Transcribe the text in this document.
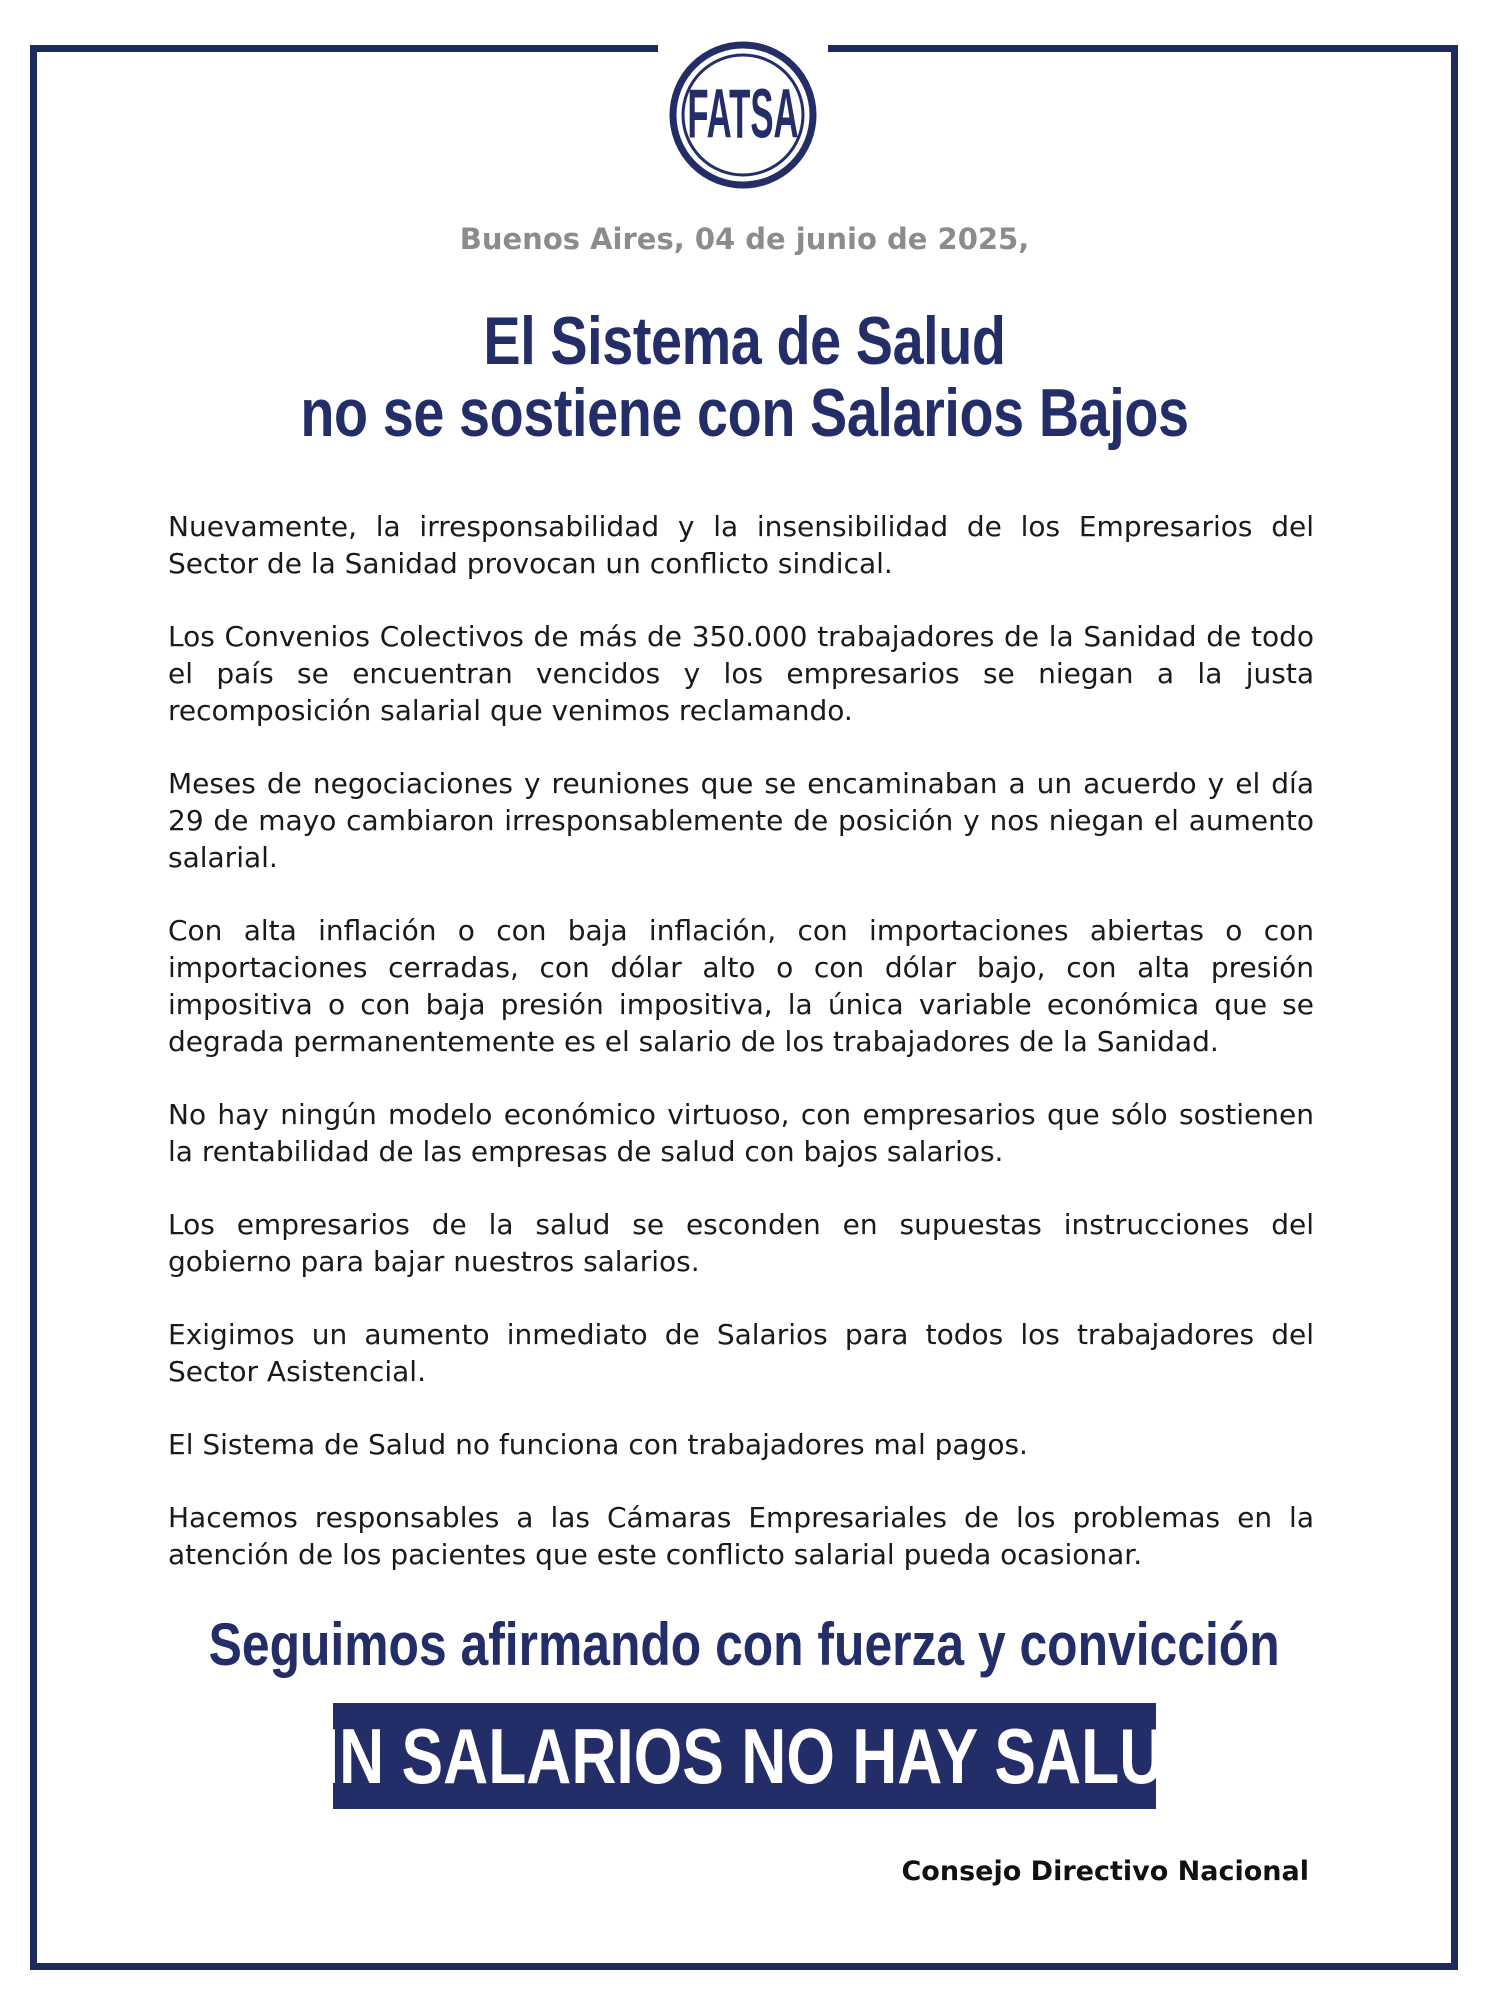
FATSA
Buenos Aires, 04 de junio de 2025,
El Sistema de Salud
no se sostiene con Salarios Bajos

Nuevamente, la irresponsabilidad y la insensibilidad de los Empresarios del Sector de la Sanidad provocan un conflicto sindical.

Los Convenios Colectivos de más de 350.000 trabajadores de la Sanidad de todo el país se encuentran vencidos y los empresarios se niegan a la justa recomposición salarial que venimos reclamando.

Meses de negociaciones y reuniones que se encaminaban a un acuerdo y el día 29 de mayo cambiaron irresponsablemente de posición y nos niegan el aumento salarial.

Con alta inflación o con baja inflación, con importaciones abiertas o con importaciones cerradas, con dólar alto o con dólar bajo, con alta presión impositiva o con baja presión impositiva, la única variable económica que se degrada permanentemente es el salario de los trabajadores de la Sanidad.

No hay ningún modelo económico virtuoso, con empresarios que sólo sostienen la rentabilidad de las empresas de salud con bajos salarios.

Los empresarios de la salud se esconden en supuestas instrucciones del gobierno para bajar nuestros salarios.

Exigimos un aumento inmediato de Salarios para todos los trabajadores del Sector Asistencial.

El Sistema de Salud no funciona con trabajadores mal pagos.

Hacemos responsables a las Cámaras Empresariales de los problemas en la atención de los pacientes que este conflicto salarial pueda ocasionar.

Seguimos afirmando con fuerza y convicción
SIN SALARIOS NO HAY SALUD
Consejo Directivo Nacional
